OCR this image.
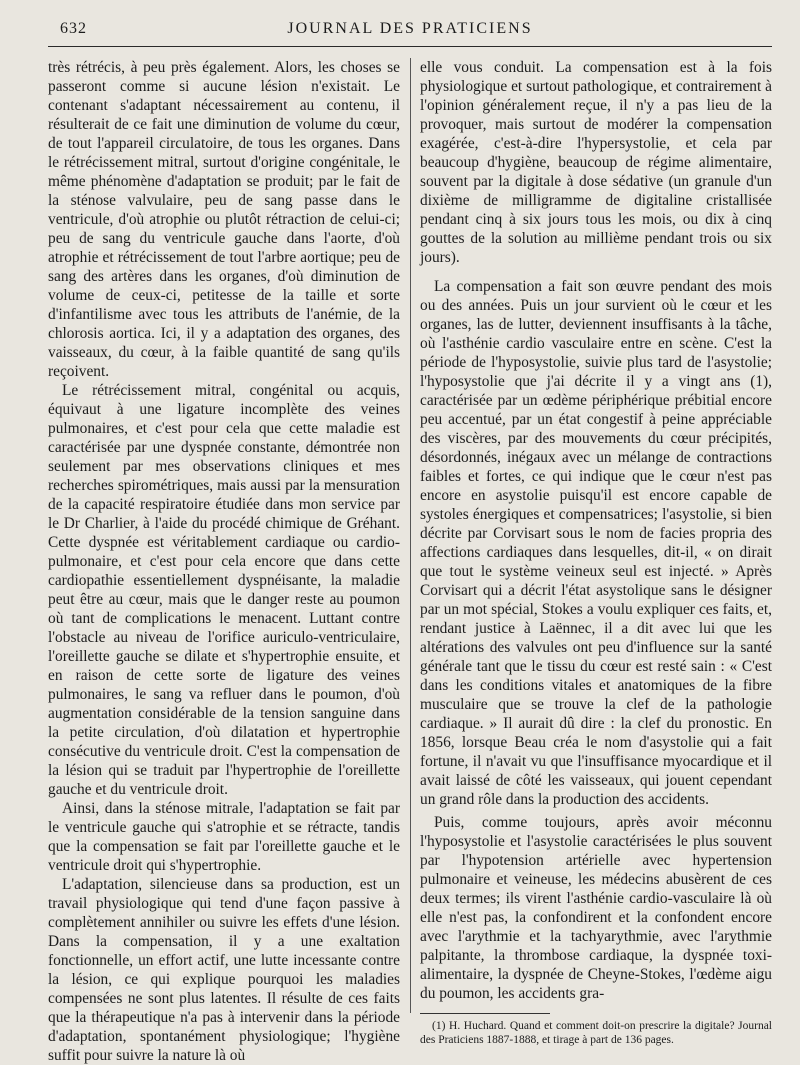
632	JOURNAL DES PRATICIENS

très rétrécis, à peu près également. Alors, les choses se passeront comme si aucune lésion n'existait. Le contenant s'adaptant nécessairement au contenu, il résulterait de ce fait une diminution de volume du cœur, de tout l'appareil circulatoire, de tous les organes. Dans le rétrécissement mitral, surtout d'origine congénitale, le même phénomène d'adaptation se produit; par le fait de la sténose valvulaire, peu de sang passe dans le ventricule, d'où atrophie ou plutôt rétraction de celui-ci; peu de sang du ventricule gauche dans l'aorte, d'où atrophie et rétrécissement de tout l'arbre aortique; peu de sang des artères dans les organes, d'où diminution de volume de ceux-ci, petitesse de la taille et sorte d'infantilisme avec tous les attributs de l'anémie, de la chlorosis aortica. Ici, il y a adaptation des organes, des vaisseaux, du cœur, à la faible quantité de sang qu'ils reçoivent.

Le rétrécissement mitral, congénital ou acquis, équivaut à une ligature incomplète des veines pulmonaires, et c'est pour cela que cette maladie est caractérisée par une dyspnée constante, démontrée non seulement par mes observations cliniques et mes recherches spirométriques, mais aussi par la mensuration de la capacité respiratoire étudiée dans mon service par le Dr Charlier, à l'aide du procédé chimique de Gréhant. Cette dyspnée est véritablement cardiaque ou cardio-pulmonaire, et c'est pour cela encore que dans cette cardiopathie essentiellement dyspnéisante, la maladie peut être au cœur, mais que le danger reste au poumon où tant de complications le menacent. Luttant contre l'obstacle au niveau de l'orifice auriculo-ventriculaire, l'oreillette gauche se dilate et s'hypertrophie ensuite, et en raison de cette sorte de ligature des veines pulmonaires, le sang va refluer dans le poumon, d'où augmentation considérable de la tension sanguine dans la petite circulation, d'où dilatation et hypertrophie consécutive du ventricule droit. C'est la compensation de la lésion qui se traduit par l'hypertrophie de l'oreillette gauche et du ventricule droit.

Ainsi, dans la sténose mitrale, l'adaptation se fait par le ventricule gauche qui s'atrophie et se rétracte, tandis que la compensation se fait par l'oreillette gauche et le ventricule droit qui s'hypertrophie.

L'adaptation, silencieuse dans sa production, est un travail physiologique qui tend d'une façon passive à complètement annihiler ou suivre les effets d'une lésion. Dans la compensation, il y a une exaltation fonctionnelle, un effort actif, une lutte incessante contre la lésion, ce qui explique pourquoi les maladies compensées ne sont plus latentes. Il résulte de ces faits que la thérapeutique n'a pas à intervenir dans la période d'adaptation, spontanément physiologique; l'hygiène suffit pour suivre la nature là où

elle vous conduit. La compensation est à la fois physiologique et surtout pathologique, et contrairement à l'opinion généralement reçue, il n'y a pas lieu de la provoquer, mais surtout de modérer la compensation exagérée, c'est-à-dire l'hypersystolie, et cela par beaucoup d'hygiène, beaucoup de régime alimentaire, souvent par la digitale à dose sédative (un granule d'un dixième de milligramme de digitaline cristallisée pendant cinq à six jours tous les mois, ou dix à cinq gouttes de la solution au millième pendant trois ou six jours).

La compensation a fait son œuvre pendant des mois ou des années. Puis un jour survient où le cœur et les organes, las de lutter, deviennent insuffisants à la tâche, où l'asthénie cardio vasculaire entre en scène. C'est la période de l'hyposystolie, suivie plus tard de l'asystolie; l'hyposystolie que j'ai décrite il y a vingt ans (1), caractérisée par un œdème périphérique prébitial encore peu accentué, par un état congestif à peine appréciable des viscères, par des mouvements du cœur précipités, désordonnés, inégaux avec un mélange de contractions faibles et fortes, ce qui indique que le cœur n'est pas encore en asystolie puisqu'il est encore capable de systoles énergiques et compensatrices; l'asystolie, si bien décrite par Corvisart sous le nom de facies propria des affections cardiaques dans lesquelles, dit-il, « on dirait que tout le système veineux seul est injecté. » Après Corvisart qui a décrit l'état asystolique sans le désigner par un mot spécial, Stokes a voulu expliquer ces faits, et, rendant justice à Laënnec, il a dit avec lui que les altérations des valvules ont peu d'influence sur la santé générale tant que le tissu du cœur est resté sain : « C'est dans les conditions vitales et anatomiques de la fibre musculaire que se trouve la clef de la pathologie cardiaque. » Il aurait dû dire : la clef du pronostic. En 1856, lorsque Beau créa le nom d'asystolie qui a fait fortune, il n'avait vu que l'insuffisance myocardique et il avait laissé de côté les vaisseaux, qui jouent cependant un grand rôle dans la production des accidents.

Puis, comme toujours, après avoir méconnu l'hyposystolie et l'asystolie caractérisées le plus souvent par l'hypotension artérielle avec hypertension pulmonaire et veineuse, les médecins abusèrent de ces deux termes; ils virent l'asthénie cardio-vasculaire là où elle n'est pas, la confondirent et la confondent encore avec l'arythmie et la tachyarythmie, avec l'arythmie palpitante, la thrombose cardiaque, la dyspnée toxi-alimentaire, la dyspnée de Cheyne-Stokes, l'œdème aigu du poumon, les accidents gra-

(1) H. Huchard. Quand et comment doit-on prescrire la digitale? Journal des Praticiens 1887-1888, et tirage à part de 136 pages.
